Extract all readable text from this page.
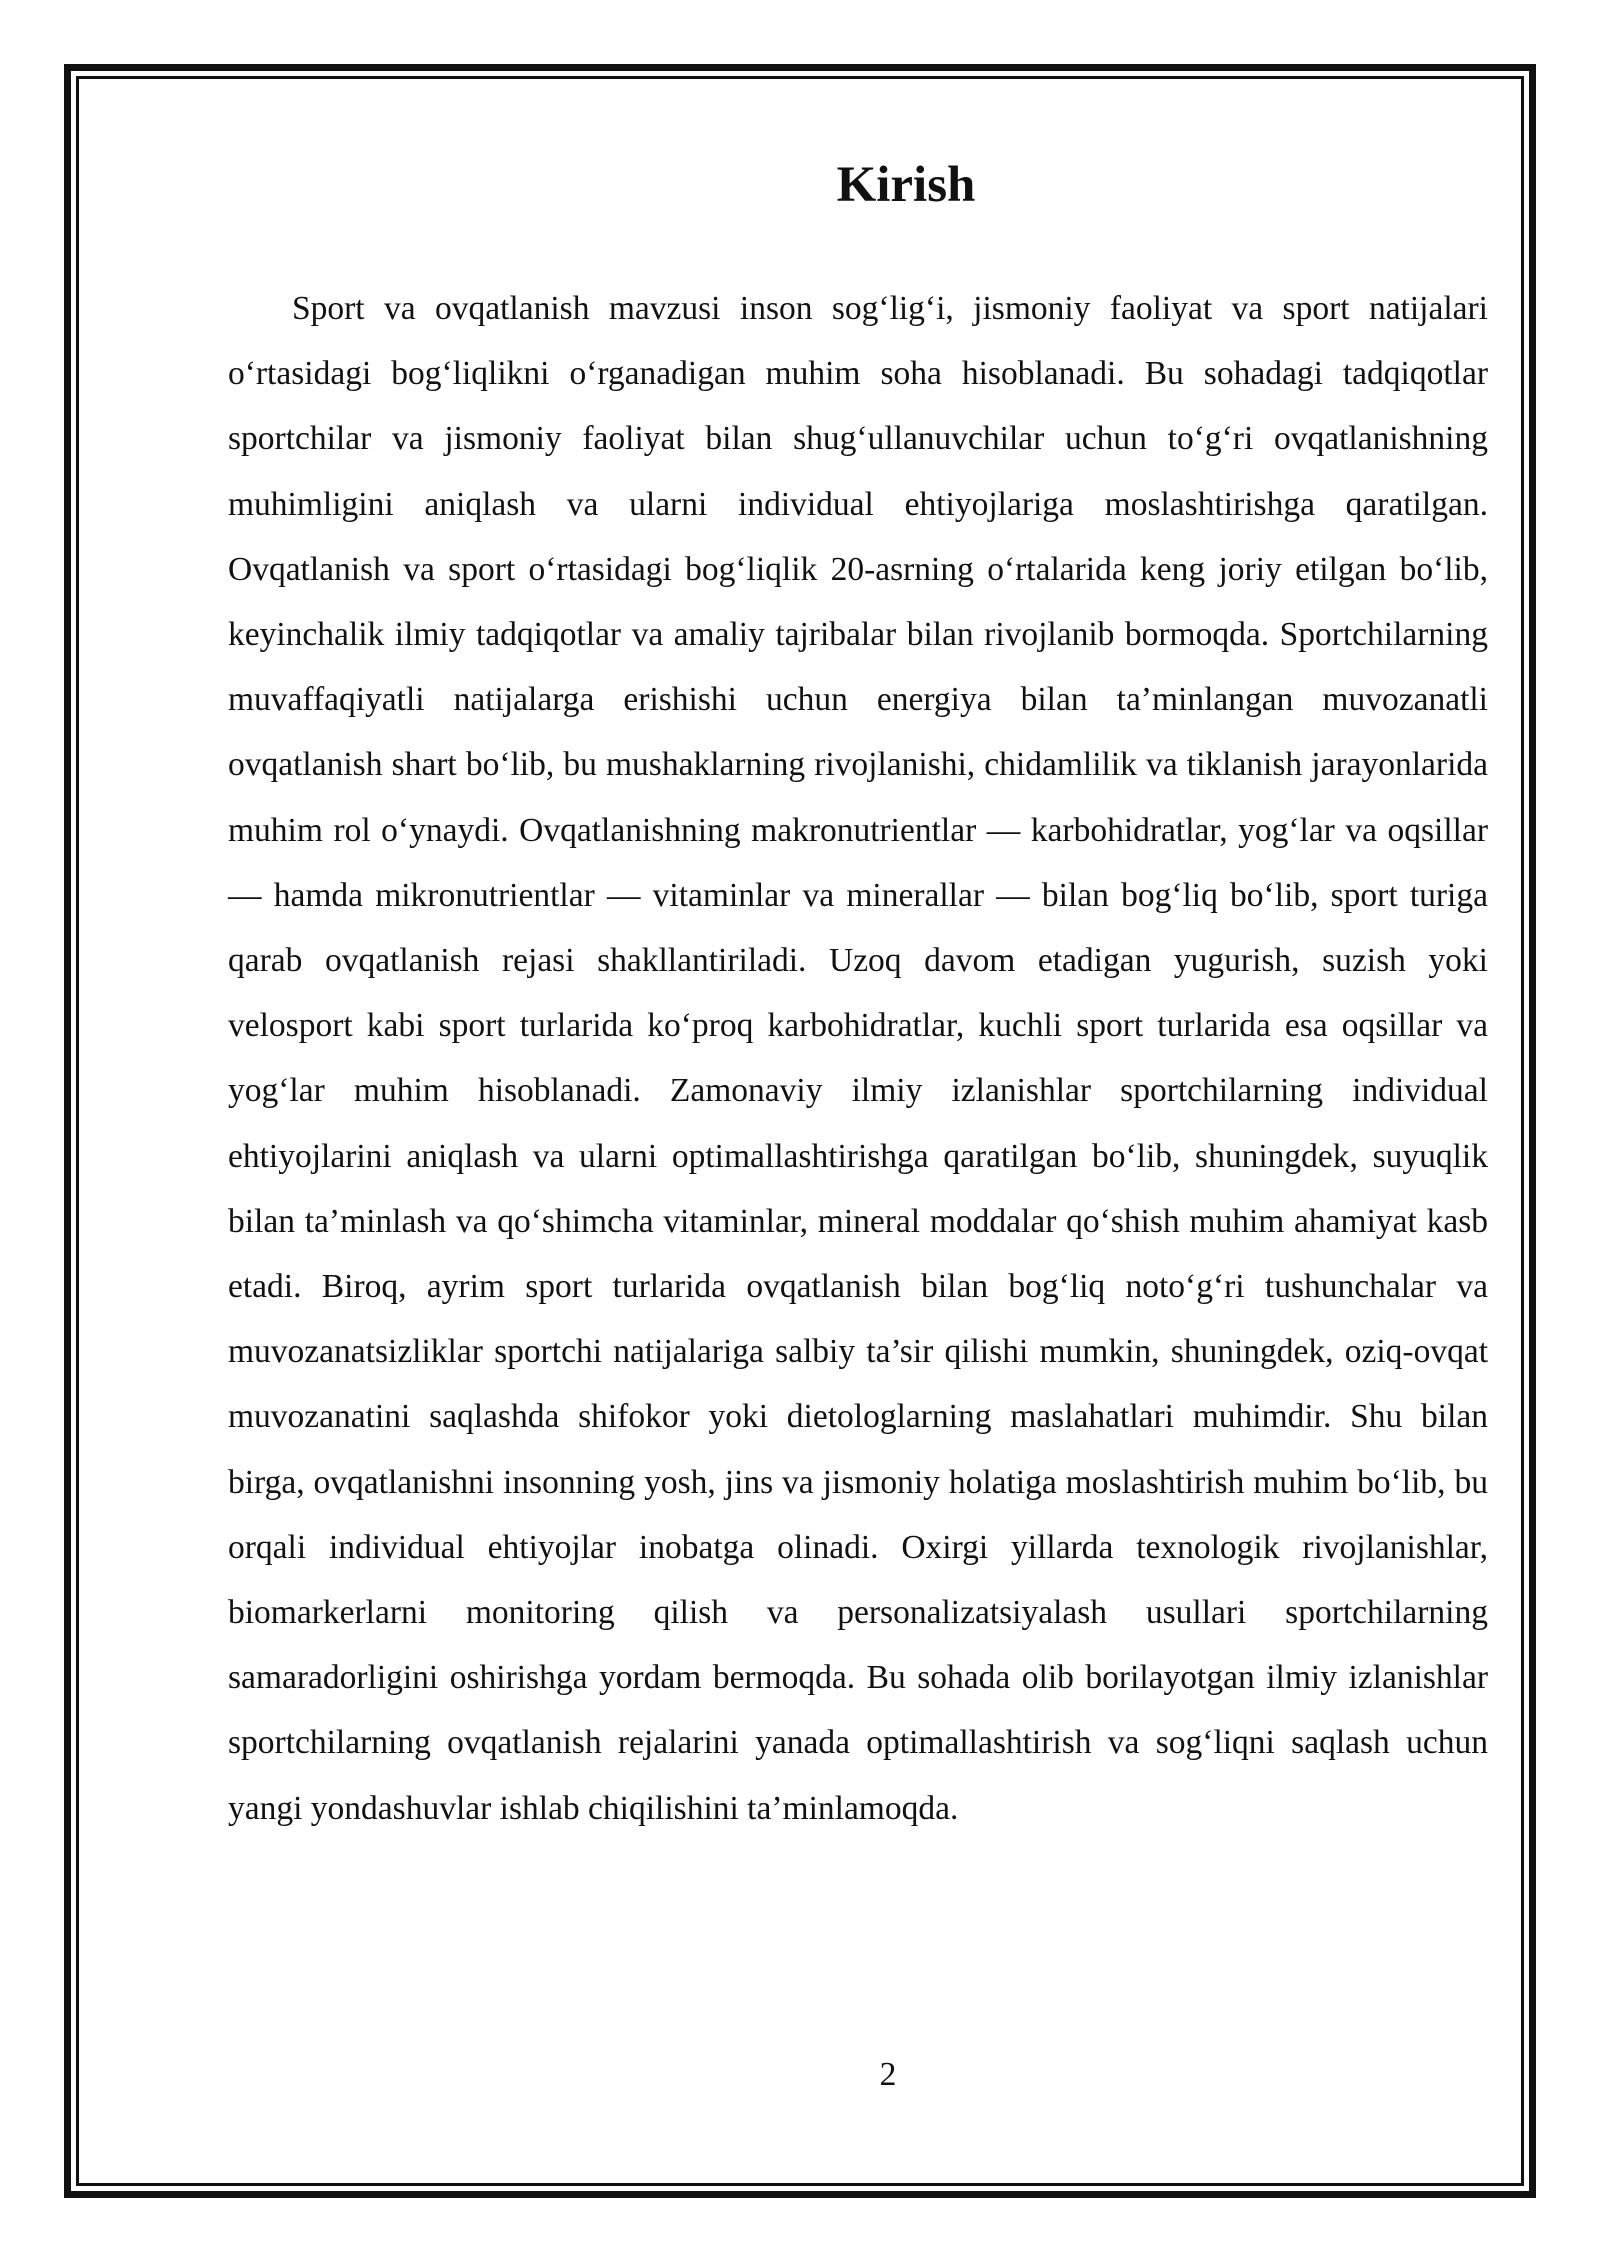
Kirish

Sport va ovqatlanish mavzusi inson sog‘lig‘i, jismoniy faoliyat va sport natijalari o‘rtasidagi bog‘liqlikni o‘rganadigan muhim soha hisoblanadi. Bu sohadagi tadqiqotlar sportchilar va jismoniy faoliyat bilan shug‘ullanuvchilar uchun to‘g‘ri ovqatlanishning muhimligini aniqlash va ularni individual ehtiyojlariga moslashtirishga qaratilgan. Ovqatlanish va sport o‘rtasidagi bog‘liqlik 20-asrning o‘rtalarida keng joriy etilgan bo‘lib, keyinchalik ilmiy tadqiqotlar va amaliy tajribalar bilan rivojlanib bormoqda. Sportchilarning muvaffaqiyatli natijalarga erishishi uchun energiya bilan ta’minlangan muvozanatli ovqatlanish shart bo‘lib, bu mushaklarning rivojlanishi, chidamlilik va tiklanish jarayonlarida muhim rol o‘ynaydi. Ovqatlanishning makronutrientlar — karbohidratlar, yog‘lar va oqsillar — hamda mikronutrientlar — vitaminlar va minerallar — bilan bog‘liq bo‘lib, sport turiga qarab ovqatlanish rejasi shakllantiriladi. Uzoq davom etadigan yugurish, suzish yoki velosport kabi sport turlarida ko‘proq karbohidratlar, kuchli sport turlarida esa oqsillar va yog‘lar muhim hisoblanadi. Zamonaviy ilmiy izlanishlar sportchilarning individual ehtiyojlarini aniqlash va ularni optimallashtirishga qaratilgan bo‘lib, shuningdek, suyuqlik bilan ta’minlash va qo‘shimcha vitaminlar, mineral moddalar qo‘shish muhim ahamiyat kasb etadi. Biroq, ayrim sport turlarida ovqatlanish bilan bog‘liq noto‘g‘ri tushunchalar va muvozanatsizliklar sportchi natijalariga salbiy ta’sir qilishi mumkin, shuningdek, oziq-ovqat muvozanatini saqlashda shifokor yoki dietologlarning maslahatlari muhimdir. Shu bilan birga, ovqatlanishni insonning yosh, jins va jismoniy holatiga moslashtirish muhim bo‘lib, bu orqali individual ehtiyojlar inobatga olinadi. Oxirgi yillarda texnologik rivojlanishlar, biomarkerlarni monitoring qilish va personalizatsiyalash usullari sportchilarning samaradorligini oshirishga yordam bermoqda. Bu sohada olib borilayotgan ilmiy izlanishlar sportchilarning ovqatlanish rejalarini yanada optimallashtirish va sog‘liqni saqlash uchun yangi yondashuvlar ishlab chiqilishini ta’minlamoqda.

2
